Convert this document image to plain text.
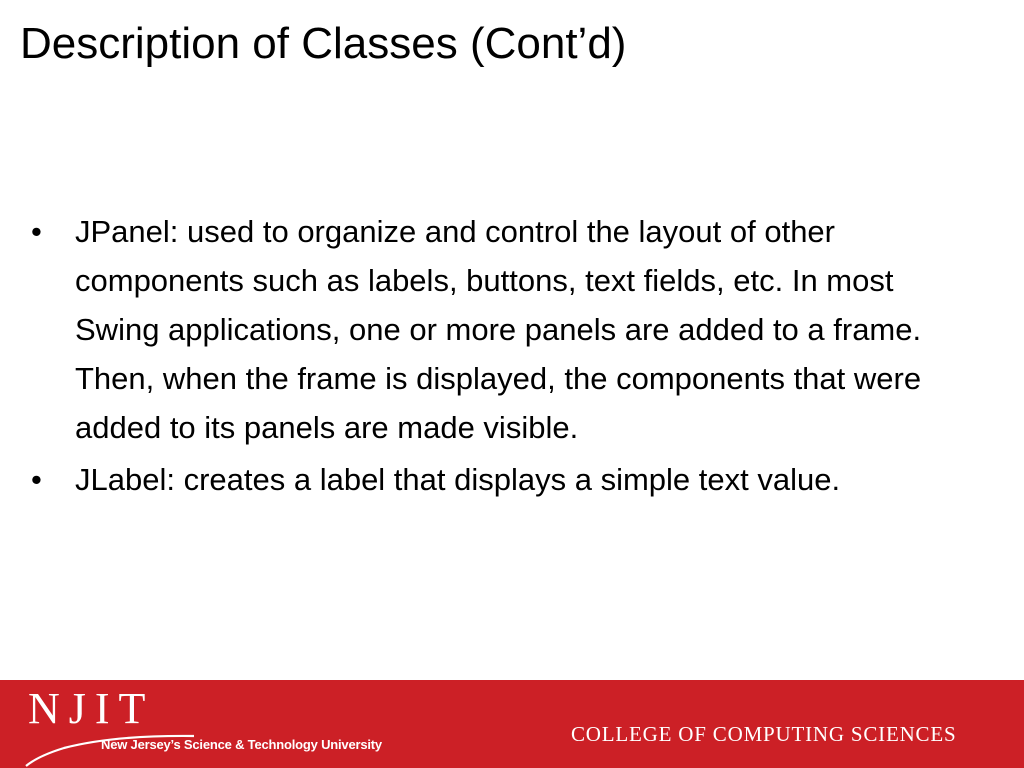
Description of Classes (Cont’d)
• JPanel: used to organize and control the layout of other components such as labels, buttons, text fields, etc. In most Swing applications, one or more panels are added to a frame. Then, when the frame is displayed, the components that were added to its panels are made visible.
• JLabel: creates a label that displays a simple text value.
NJIT
New Jersey’s Science & Technology University	COLLEGE OF COMPUTING SCIENCES
